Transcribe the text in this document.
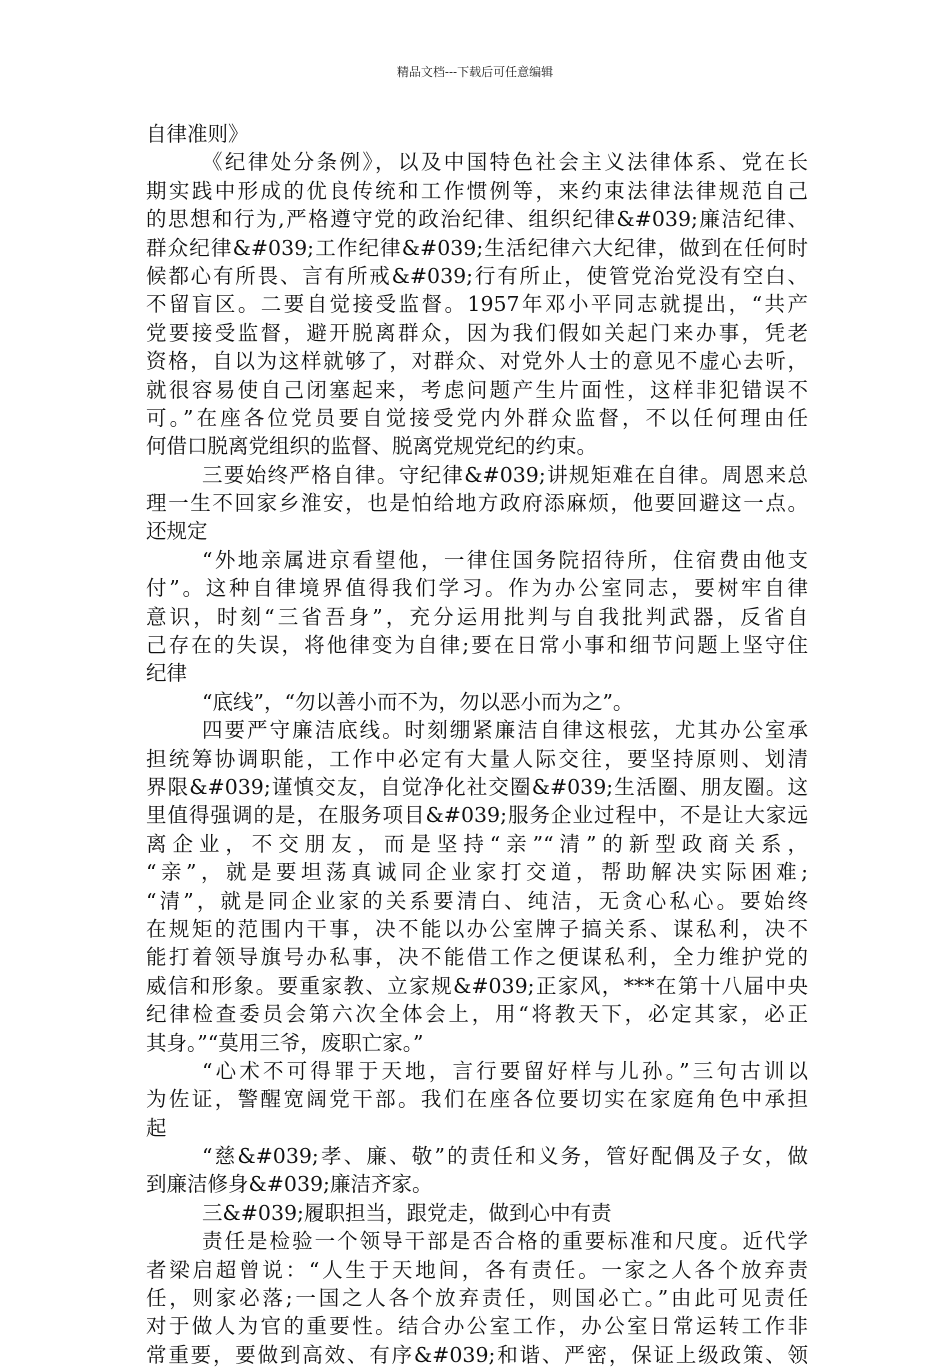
精品文档---下载后可任意编辑
自律准则》
《纪律处分条例》，以及中国特色社会主义法律体系、党在长
期实践中形成的优良传统和工作惯例等，来约束法律法律规范自己
的思想和行为,严格遵守党的政治纪律、组织纪律&#039;廉洁纪律、
群众纪律&#039;工作纪律&#039;生活纪律六大纪律，做到在任何时
候都心有所畏、言有所戒&#039;行有所止，使管党治党没有空白、
不留盲区。二要自觉接受监督。1957年邓小平同志就提出，“共产
党要接受监督，避开脱离群众，因为我们假如关起门来办事，凭老
资格，自以为这样就够了，对群众、对党外人士的意见不虚心去听，
就很容易使自己闭塞起来，考虑问题产生片面性，这样非犯错误不
可。”在座各位党员要自觉接受党内外群众监督，不以任何理由任
何借口脱离党组织的监督、脱离党规党纪的约束。
三要始终严格自律。守纪律&#039;讲规矩难在自律。周恩来总
理一生不回家乡淮安，也是怕给地方政府添麻烦，他要回避这一点。
还规定
“外地亲属进京看望他，一律住国务院招待所，住宿费由他支
付”。这种自律境界值得我们学习。作为办公室同志，要树牢自律
意识，时刻“三省吾身”，充分运用批判与自我批判武器，反省自
己存在的失误，将他律变为自律;要在日常小事和细节问题上坚守住
纪律
“底线”，“勿以善小而不为，勿以恶小而为之”。
四要严守廉洁底线。时刻绷紧廉洁自律这根弦，尤其办公室承
担统筹协调职能，工作中必定有大量人际交往，要坚持原则、划清
界限&#039;谨慎交友，自觉净化社交圈&#039;生活圈、朋友圈。这
里值得强调的是，在服务项目&#039;服务企业过程中，不是让大家远
离企业，不交朋友，而是坚持“亲”“清”的新型政商关系，
“亲”，就是要坦荡真诚同企业家打交道，帮助解决实际困难;
“清”，就是同企业家的关系要清白、纯洁，无贪心私心。要始终
在规矩的范围内干事，决不能以办公室牌子搞关系、谋私利，决不
能打着领导旗号办私事，决不能借工作之便谋私利，全力维护党的
威信和形象。要重家教、立家规&#039;正家风，***在第十八届中央
纪律检查委员会第六次全体会上，用“将教天下，必定其家，必正
其身。”“莫用三爷，废职亡家。”
“心术不可得罪于天地，言行要留好样与儿孙。”三句古训以
为佐证，警醒宽阔党干部。我们在座各位要切实在家庭角色中承担
起
“慈&#039;孝、廉、敬”的责任和义务，管好配偶及子女，做
到廉洁修身&#039;廉洁齐家。
三&#039;履职担当，跟党走，做到心中有责
责任是检验一个领导干部是否合格的重要标准和尺度。近代学
者梁启超曾说：“人生于天地间，各有责任。一家之人各个放弃责
任，则家必落;一国之人各个放弃责任，则国必亡。”由此可见责任
对于做人为官的重要性。结合办公室工作，办公室日常运转工作非
常重要，要做到高效、有序&#039;和谐、严密，保证上级政策、领
